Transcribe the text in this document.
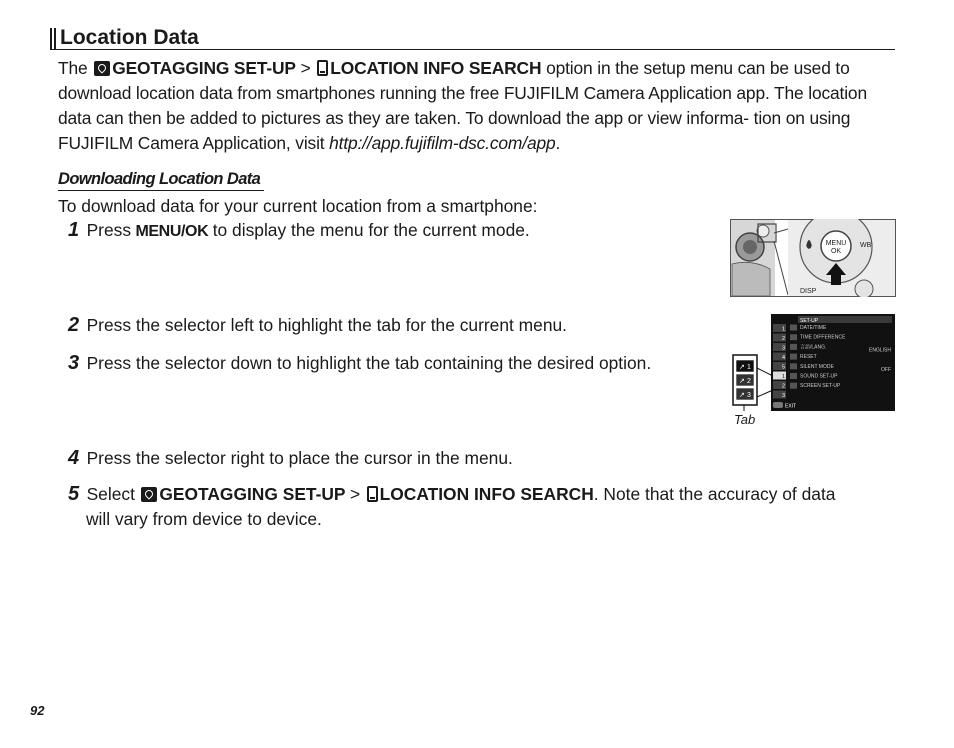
Location Data

The GEOTAGGING SET-UP > LOCATION INFO SEARCH option in the setup menu can be used to download location data from smartphones running the free FUJIFILM Camera Application app. The location data can then be added to pictures as they are taken. To download the app or view informa- tion on using FUJIFILM Camera Application, visit http://app.fujifilm-dsc.com/app.

Downloading Location Data

To download data for your current location from a smartphone:

1 Press MENU/OK to display the menu for the current mode.
2 Press the selector left to highlight the tab for the current menu.
3 Press the selector down to highlight the tab containing the desired option.
4 Press the selector right to place the cursor in the menu.
5 Select GEOTAGGING SET-UP > LOCATION INFO SEARCH. Note that the accuracy of data
will vary from device to device.
MENU
OK
WB
DISP
SET-UP
1
2
3
4
5
1
2
3
DATE/TIME
TIME DIFFERENCE
言語/LANG.	ENGLISH
RESET
SILENT MODE	OFF
SOUND SET-UP
SCREEN SET-UP
EXIT
↗ 1
↗ 2
↗ 3
Tab
92
